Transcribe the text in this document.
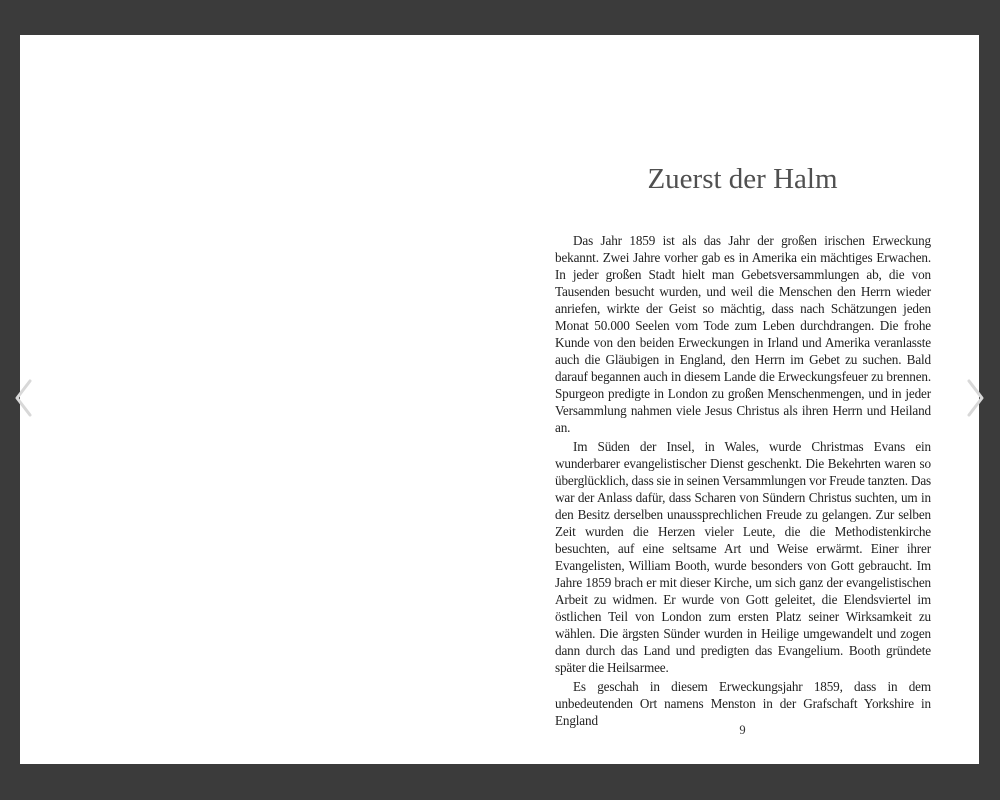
Zuerst der Halm

Das Jahr 1859 ist als das Jahr der großen irischen Erweckung bekannt. Zwei Jahre vorher gab es in Amerika ein mächtiges Erwachen. In jeder großen Stadt hielt man Gebetsversammlungen ab, die von Tausenden besucht wurden, und weil die Menschen den Herrn wieder anriefen, wirkte der Geist so mächtig, dass nach Schätzungen jeden Monat 50.000 Seelen vom Tode zum Leben durchdrangen. Die frohe Kunde von den beiden Erweckungen in Irland und Amerika veranlasste auch die Gläubigen in England, den Herrn im Gebet zu suchen. Bald darauf begannen auch in diesem Lande die Erweckungsfeuer zu brennen. Spurgeon predigte in London zu großen Menschenmengen, und in jeder Versammlung nahmen viele Jesus Christus als ihren Herrn und Heiland an.

Im Süden der Insel, in Wales, wurde Christmas Evans ein wunderbarer evangelistischer Dienst geschenkt. Die Bekehrten waren so überglücklich, dass sie in seinen Versammlungen vor Freude tanzten. Das war der Anlass dafür, dass Scharen von Sündern Christus suchten, um in den Besitz derselben unaussprechlichen Freude zu gelangen. Zur selben Zeit wurden die Herzen vieler Leute, die die Methodistenkirche besuchten, auf eine seltsame Art und Weise erwärmt. Einer ihrer Evangelisten, William Booth, wurde besonders von Gott gebraucht. Im Jahre 1859 brach er mit dieser Kirche, um sich ganz der evangelistischen Arbeit zu widmen. Er wurde von Gott geleitet, die Elendsviertel im östlichen Teil von London zum ersten Platz seiner Wirksamkeit zu wählen. Die ärgsten Sünder wurden in Heilige umgewandelt und zogen dann durch das Land und predigten das Evangelium. Booth gründete später die Heilsarmee.

Es geschah in diesem Erweckungsjahr 1859, dass in dem unbedeutenden Ort namens Menston in der Grafschaft Yorkshire in England

9
